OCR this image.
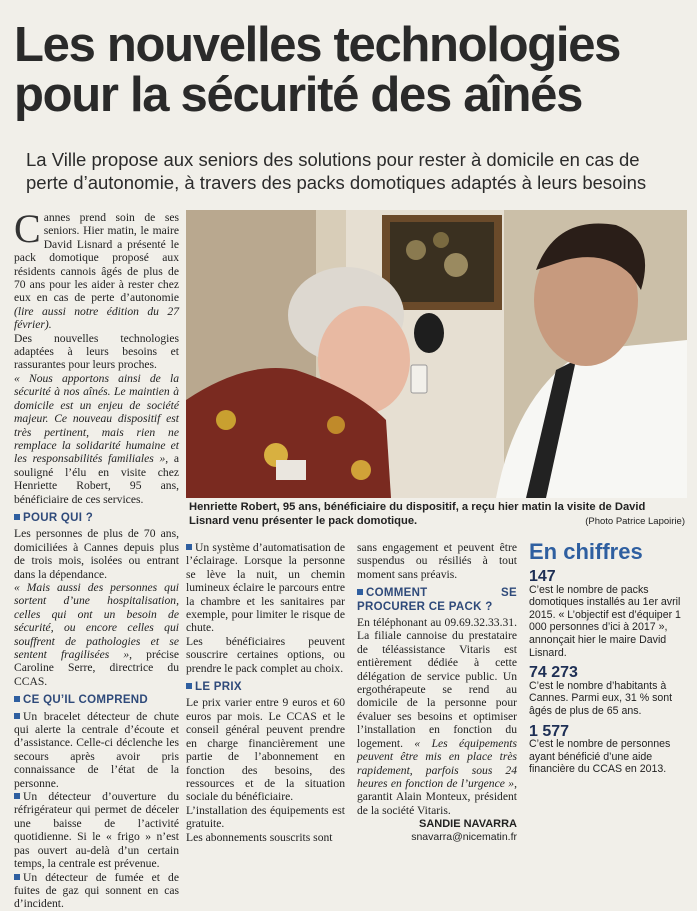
Les nouvelles technologies
pour la sécurité des aînés
La Ville propose aux seniors des solutions pour rester à domicile en cas de perte d’autonomie, à travers des packs domotiques adaptés à leurs besoins

Cannes prend soin de ses seniors. Hier matin, le maire David Lisnard a présenté le pack domotique proposé aux résidents cannois âgés de plus de 70 ans pour les aider à rester chez eux en cas de perte d’autonomie (lire aussi notre édition du 27 février).

Des nouvelles technologies adaptées à leurs besoins et rassurantes pour leurs proches.

« Nous apportons ainsi de la sécurité à nos aînés. Le maintien à domicile est un enjeu de société majeur. Ce nouveau dispositif est très pertinent, mais rien ne remplace la solidarité humaine et les responsabilités familiales », a souligné l’élu en visite chez Henriette Robert, 95 ans, bénéficiaire de ces services.

POUR QUI ?

Les personnes de plus de 70 ans, domiciliées à Cannes depuis plus de trois mois, isolées ou entrant dans la dépendance.

« Mais aussi des personnes qui sortent d’une hospitalisation, celles qui ont un besoin de sécurité, ou encore celles qui souffrent de pathologies et se sentent fragilisées », précise Caroline Serre, directrice du CCAS.

CE QU’IL COMPREND

Un bracelet détecteur de chute qui alerte la centrale d’écoute et d’assistance. Celle-ci déclenche les secours après avoir pris connaissance de l’état de la personne.

Un détecteur d’ouverture du réfrigérateur qui permet de déceler une baisse de l’activité quotidienne. Si le « frigo » n’est pas ouvert au-delà d’un certain temps, la centrale est prévenue.

Un détecteur de fumée et de fuites de gaz qui sonnent en cas d’incident.

Henriette Robert, 95 ans, bénéficiaire du dispositif, a reçu hier matin la visite de David Lisnard venu présenter le pack domotique.	(Photo Patrice Lapoirie)

Un système d’automatisation de l’éclairage. Lorsque la personne se lève la nuit, un chemin lumineux éclaire le parcours entre la chambre et les sanitaires par exemple, pour limiter le risque de chute.

Les bénéficiaires peuvent souscrire certaines options, ou prendre le pack complet au choix.

LE PRIX

Le prix varier entre 9 euros et 60 euros par mois. Le CCAS et le conseil général peuvent prendre en charge financièrement une partie de l’abonnement en fonction des besoins, des ressources et de la situation sociale du bénéficiaire.

L’installation des équipements est gratuite.

Les abonnements souscrits sont

sans engagement et peuvent être suspendus ou résiliés à tout moment sans préavis.

COMMENT SE PROCURER CE PACK ?

En téléphonant au 09.69.32.33.31. La filiale cannoise du prestataire de téléassistance Vitaris est entièrement dédiée à cette délégation de service public. Un ergothérapeute se rend au domicile de la personne pour évaluer ses besoins et optimiser l’installation en fonction du logement. « Les équipements peuvent être mis en place très rapidement, parfois sous 24 heures en fonction de l’urgence », garantit Alain Monteux, président de la société Vitaris.

SANDIE NAVARRA
snavarra@nicematin.fr
En chiffres
147
C’est le nombre de packs domotiques installés au 1er avril 2015. « L’objectif est d’équiper 1 000 personnes d’ici à 2017 », annonçait hier le maire David Lisnard.
74 273
C’est le nombre d’habitants à Cannes. Parmi eux, 31 % sont âgés de plus de 65 ans.
1 577
C’est le nombre de personnes ayant bénéficié d’une aide financière du CCAS en 2013.
